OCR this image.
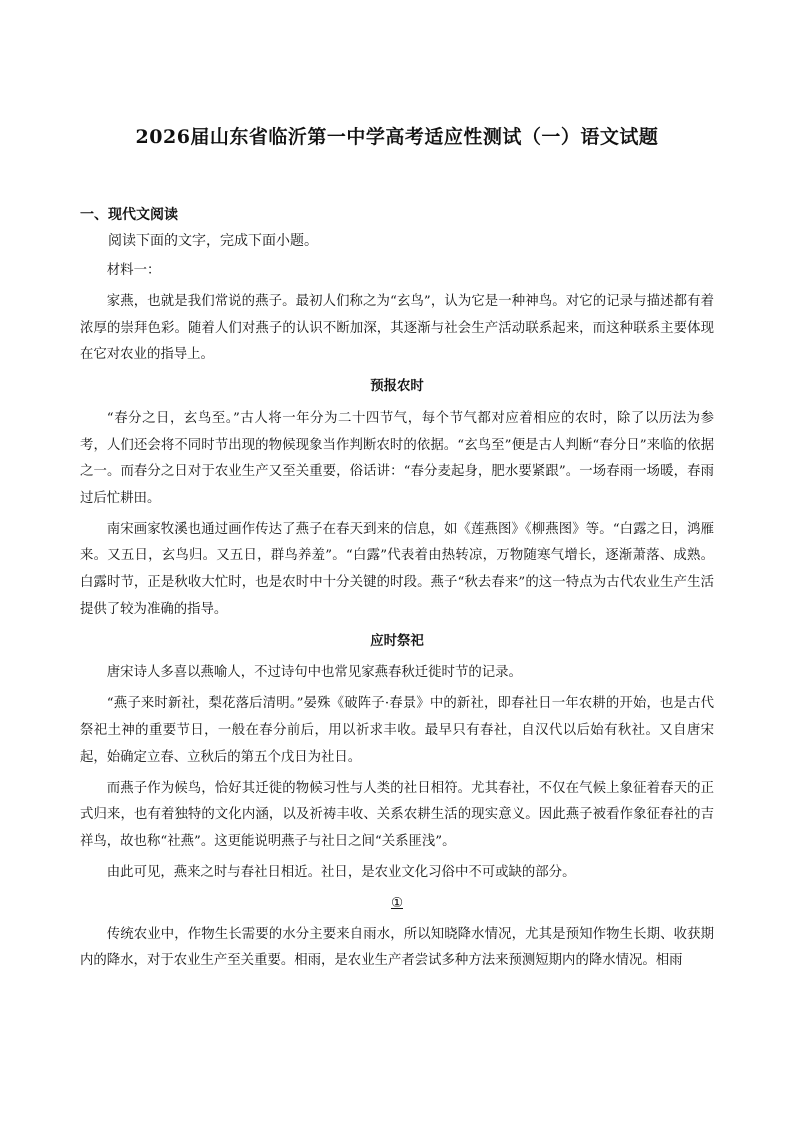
2026届山东省临沂第一中学高考适应性测试（一）语文试题
一、现代文阅读
阅读下面的文字，完成下面小题。

材料一：

家燕，也就是我们常说的燕子。最初人们称之为“玄鸟”，认为它是一种神鸟。对它的记录与描述都有着浓厚的崇拜色彩。随着人们对燕子的认识不断加深，其逐渐与社会生产活动联系起来，而这种联系主要体现在它对农业的指导上。

预报农时

“春分之日，玄鸟至。”古人将一年分为二十四节气，每个节气都对应着相应的农时，除了以历法为参考，人们还会将不同时节出现的物候现象当作判断农时的依据。“玄鸟至”便是古人判断“春分日”来临的依据之一。而春分之日对于农业生产又至关重要，俗话讲：“春分麦起身，肥水要紧跟”。一场春雨一场暖，春雨过后忙耕田。

南宋画家牧溪也通过画作传达了燕子在春天到来的信息，如《莲燕图》《柳燕图》等。“白露之日，鸿雁来。又五日，玄鸟归。又五日，群鸟养羞”。“白露”代表着由热转凉，万物随寒气增长，逐渐萧落、成熟。白露时节，正是秋收大忙时，也是农时中十分关键的时段。燕子“秋去春来”的这一特点为古代农业生产生活提供了较为准确的指导。

应时祭祀

唐宋诗人多喜以燕喻人，不过诗句中也常见家燕春秋迁徙时节的记录。

“燕子来时新社，梨花落后清明。”晏殊《破阵子·春景》中的新社，即春社日一年农耕的开始，也是古代祭祀土神的重要节日，一般在春分前后，用以祈求丰收。最早只有春社，自汉代以后始有秋社。又自唐宋起，始确定立春、立秋后的第五个戊日为社日。

而燕子作为候鸟，恰好其迁徙的物候习性与人类的社日相符。尤其春社，不仅在气候上象征着春天的正式归来，也有着独特的文化内涵，以及祈祷丰收、关系农耕生活的现实意义。因此燕子被看作象征春社的吉祥鸟，故也称“社燕”。这更能说明燕子与社日之间“关系匪浅”。

由此可见，燕来之时与春社日相近。社日，是农业文化习俗中不可或缺的部分。

①

传统农业中，作物生长需要的水分主要来自雨水，所以知晓降水情况，尤其是预知作物生长期、收获期内的降水，对于农业生产至关重要。相雨，是农业生产者尝试多种方法来预测短期内的降水情况。相雨
